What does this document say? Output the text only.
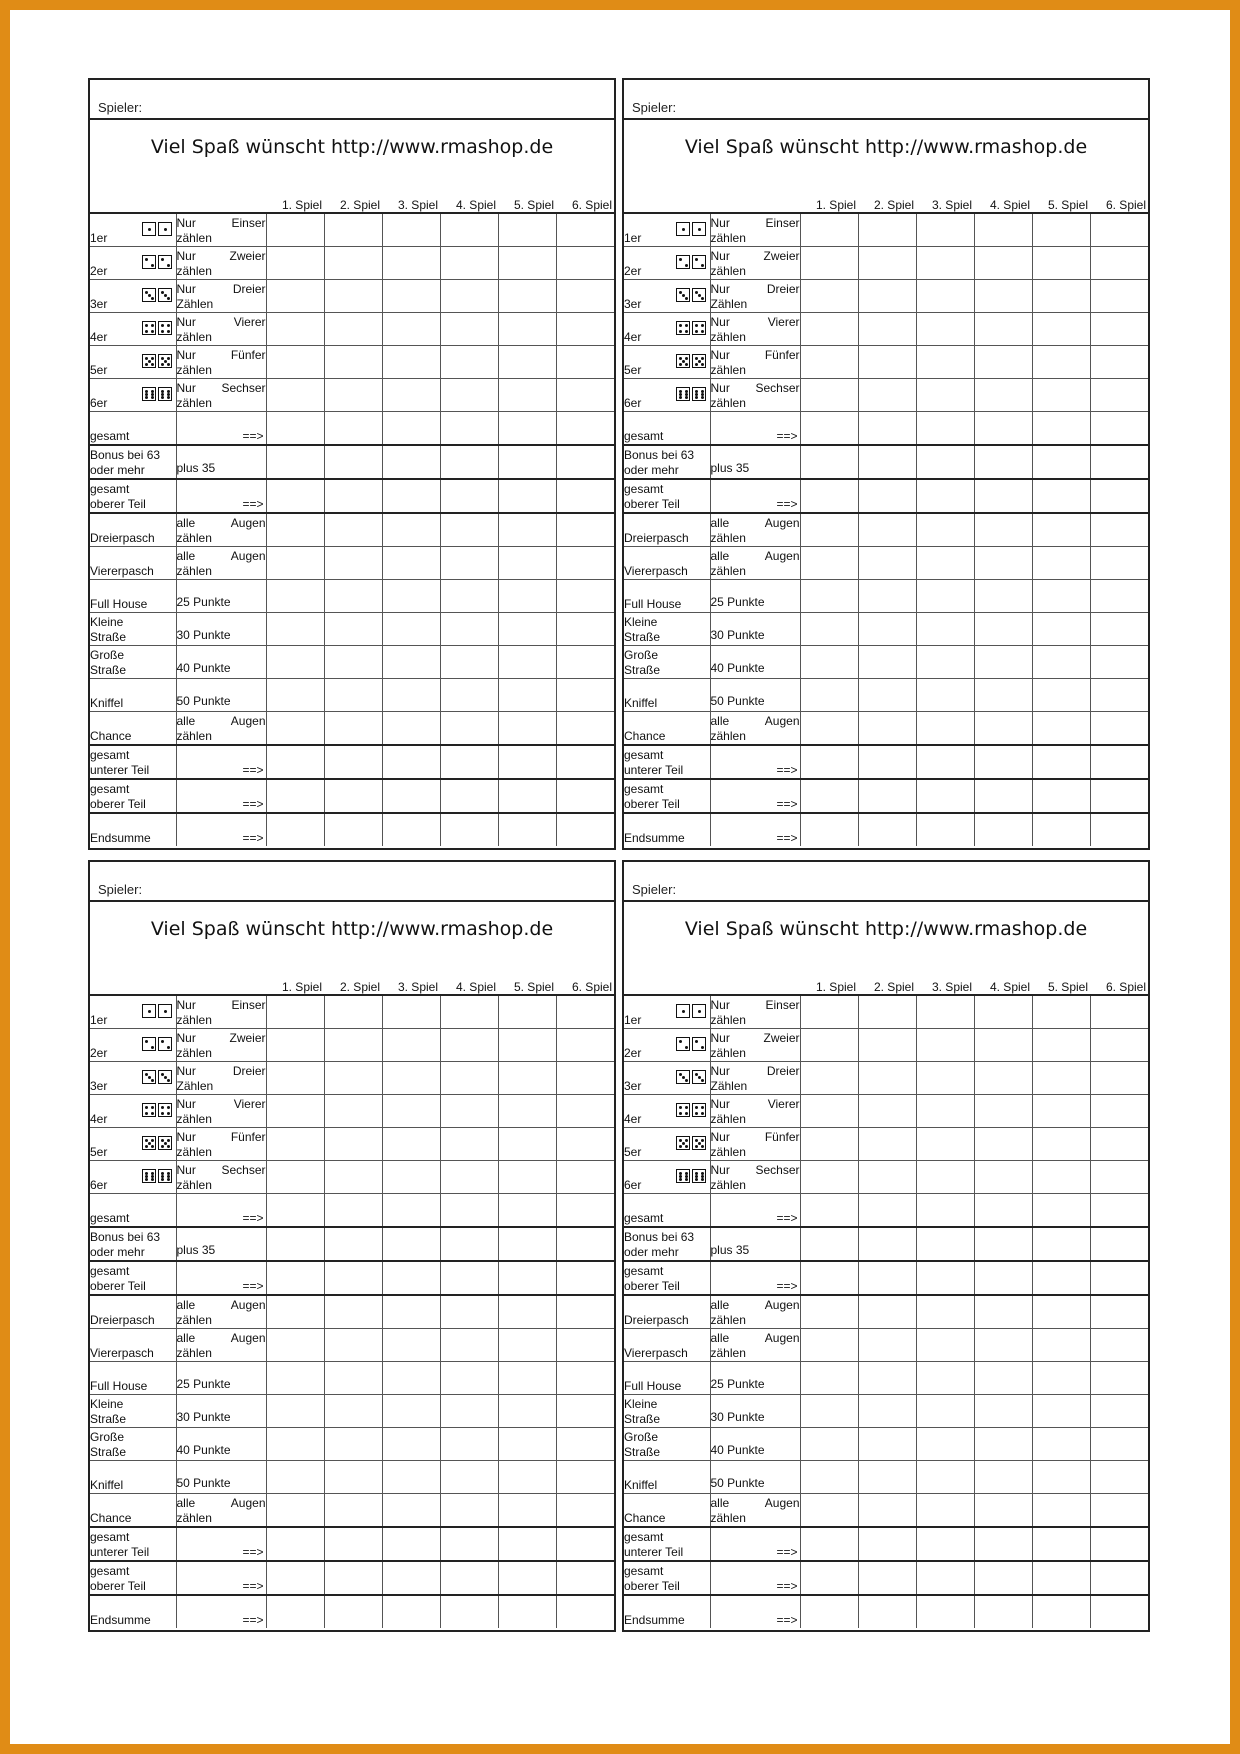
Spieler:
Viel Spaß wünscht http://www.rmashop.de
		1. Spiel	2. Spiel	3. Spiel	4. Spiel	5. Spiel	6. Spiel

1er	Nur Einser
zählen						

2er	Nur Zweier
zählen						

3er	Nur Dreier
Zählen						

4er	Nur Vierer
zählen						

5er	Nur Fünfer
zählen						

6er	Nur Sechser
zählen						

gesamt	==>						

Bonus bei 63
oder mehr	plus 35						

gesamt
oberer Teil	==>						

Dreierpasch	alle Augen
zählen						

Viererpasch	alle Augen
zählen						

Full House	25 Punkte						

Kleine
Straße	30 Punkte						

Große
Straße	40 Punkte						

Kniffel	50 Punkte						

Chance	alle Augen
zählen						

gesamt
unterer Teil	==>						

gesamt
oberer Teil	==>						

Endsumme	==>						

Spieler:
Viel Spaß wünscht http://www.rmashop.de
		1. Spiel	2. Spiel	3. Spiel	4. Spiel	5. Spiel	6. Spiel

1er	Nur Einser
zählen						

2er	Nur Zweier
zählen						

3er	Nur Dreier
Zählen						

4er	Nur Vierer
zählen						

5er	Nur Fünfer
zählen						

6er	Nur Sechser
zählen						

gesamt	==>						

Bonus bei 63
oder mehr	plus 35						

gesamt
oberer Teil	==>						

Dreierpasch	alle Augen
zählen						

Viererpasch	alle Augen
zählen						

Full House	25 Punkte						

Kleine
Straße	30 Punkte						

Große
Straße	40 Punkte						

Kniffel	50 Punkte						

Chance	alle Augen
zählen						

gesamt
unterer Teil	==>						

gesamt
oberer Teil	==>						

Endsumme	==>						

Spieler:
Viel Spaß wünscht http://www.rmashop.de
		1. Spiel	2. Spiel	3. Spiel	4. Spiel	5. Spiel	6. Spiel

1er	Nur Einser
zählen						

2er	Nur Zweier
zählen						

3er	Nur Dreier
Zählen						

4er	Nur Vierer
zählen						

5er	Nur Fünfer
zählen						

6er	Nur Sechser
zählen						

gesamt	==>						

Bonus bei 63
oder mehr	plus 35						

gesamt
oberer Teil	==>						

Dreierpasch	alle Augen
zählen						

Viererpasch	alle Augen
zählen						

Full House	25 Punkte						

Kleine
Straße	30 Punkte						

Große
Straße	40 Punkte						

Kniffel	50 Punkte						

Chance	alle Augen
zählen						

gesamt
unterer Teil	==>						

gesamt
oberer Teil	==>						

Endsumme	==>						

Spieler:
Viel Spaß wünscht http://www.rmashop.de
		1. Spiel	2. Spiel	3. Spiel	4. Spiel	5. Spiel	6. Spiel

1er	Nur Einser
zählen						

2er	Nur Zweier
zählen						

3er	Nur Dreier
Zählen						

4er	Nur Vierer
zählen						

5er	Nur Fünfer
zählen						

6er	Nur Sechser
zählen						

gesamt	==>						

Bonus bei 63
oder mehr	plus 35						

gesamt
oberer Teil	==>						

Dreierpasch	alle Augen
zählen						

Viererpasch	alle Augen
zählen						

Full House	25 Punkte						

Kleine
Straße	30 Punkte						

Große
Straße	40 Punkte						

Kniffel	50 Punkte						

Chance	alle Augen
zählen						

gesamt
unterer Teil	==>						

gesamt
oberer Teil	==>						

Endsumme	==>						
